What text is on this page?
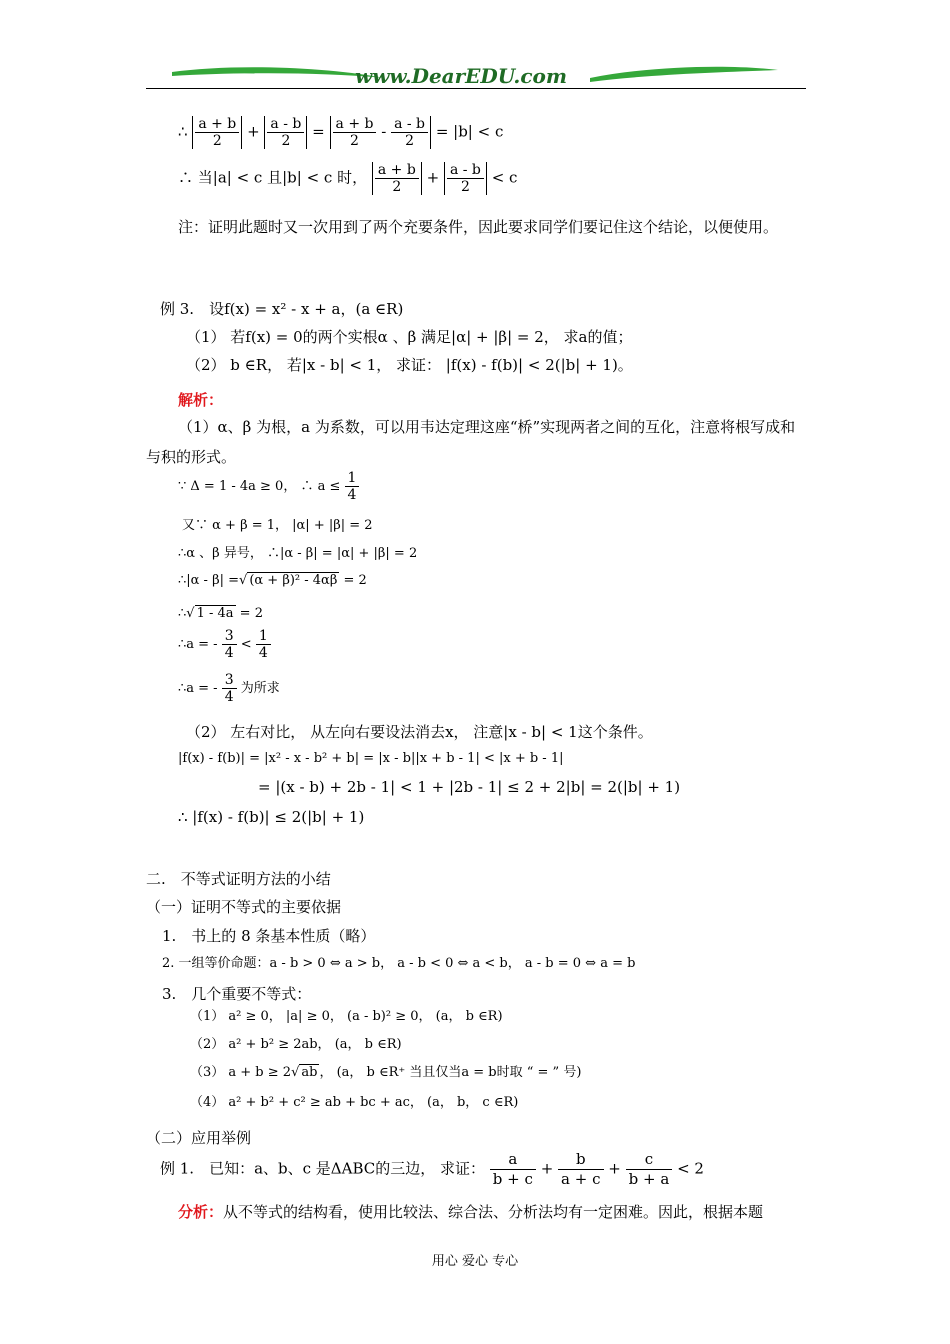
www.DearEDU.com
∴ $\frac{a + b}{2} + \frac{a - b}{2} = \frac{a + b}{2} - \frac{a - b}{2} = |b| < c$
∴ 当|a| < c 且|b| < c 时， $\frac{a + b}{2} + \frac{a - b}{2} < c$
注：证明此题时又一次用到了两个充要条件，因此要求同学们要记住这个结论，以便使用。
例 3.　设f(x) = x² - x + a，(a ∈R)
（1） 若f(x) = 0的两个实根α 、β 满足|α| + |β| = 2， 求a的值；
（2） b ∈R， 若|x - b| < 1， 求证： |f(x) - f(b)| < 2(|b| + 1)。
解析：
（1）α、β 为根，a 为系数，可以用韦达定理这座“桥”实现两者之间的互化，注意将根写成和与积的形式。
∵ Δ = 1 - 4a ≥ 0， ∴ $a \le \frac{1}{4}$
又∵ α + β = 1， |α| + |β| = 2
∴α 、β 异号， ∴|α - β| = |α| + |β| = 2
∴|α - β| =√ (α + β)² - 4αβ = 2
∴√ 1 - 4a = 2
∴a = - $\frac{3}{4} < \frac{1}{4}$
∴a = - $\frac{3}{4}$ 为所求
（2） 左右对比， 从左向右要设法消去x， 注意|x - b| < 1这个条件。
|f(x) - f(b)| = |x² - x - b² + b| = |x - b||x + b - 1| < |x + b - 1|
= |(x - b) + 2b - 1| < 1 + |2b - 1| ≤ 2 + 2|b| = 2(|b| + 1)
∴ |f(x) - f(b)| ≤ 2(|b| + 1)
二.　不等式证明方法的小结
（一）证明不等式的主要依据
1.　书上的 8 条基本性质（略）
2. 一组等价命题：a - b > 0 ⇔ a > b， a - b < 0 ⇔ a < b， a - b = 0 ⇔ a = b
3.　几个重要不等式：
（1） a² ≥ 0， |a| ≥ 0， (a - b)² ≥ 0， (a， b ∈R)
（2） a² + b² ≥ 2ab， (a， b ∈R)
（3） a + b ≥ 2√ ab ， (a， b ∈R⁺ 当且仅当a = b时取 “ = ” 号)
（4） a² + b² + c² ≥ ab + bc + ac， (a， b， c ∈R)
（二）应用举例
例 1.　已知：a、b、c 是ΔABC的三边， 求证： $\frac{a}{b + c} + \frac{b}{a + c} + \frac{c}{b + a} < 2$
分析：从不等式的结构看，使用比较法、综合法、分析法均有一定困难。因此，根据本题
用心 爱心 专心
